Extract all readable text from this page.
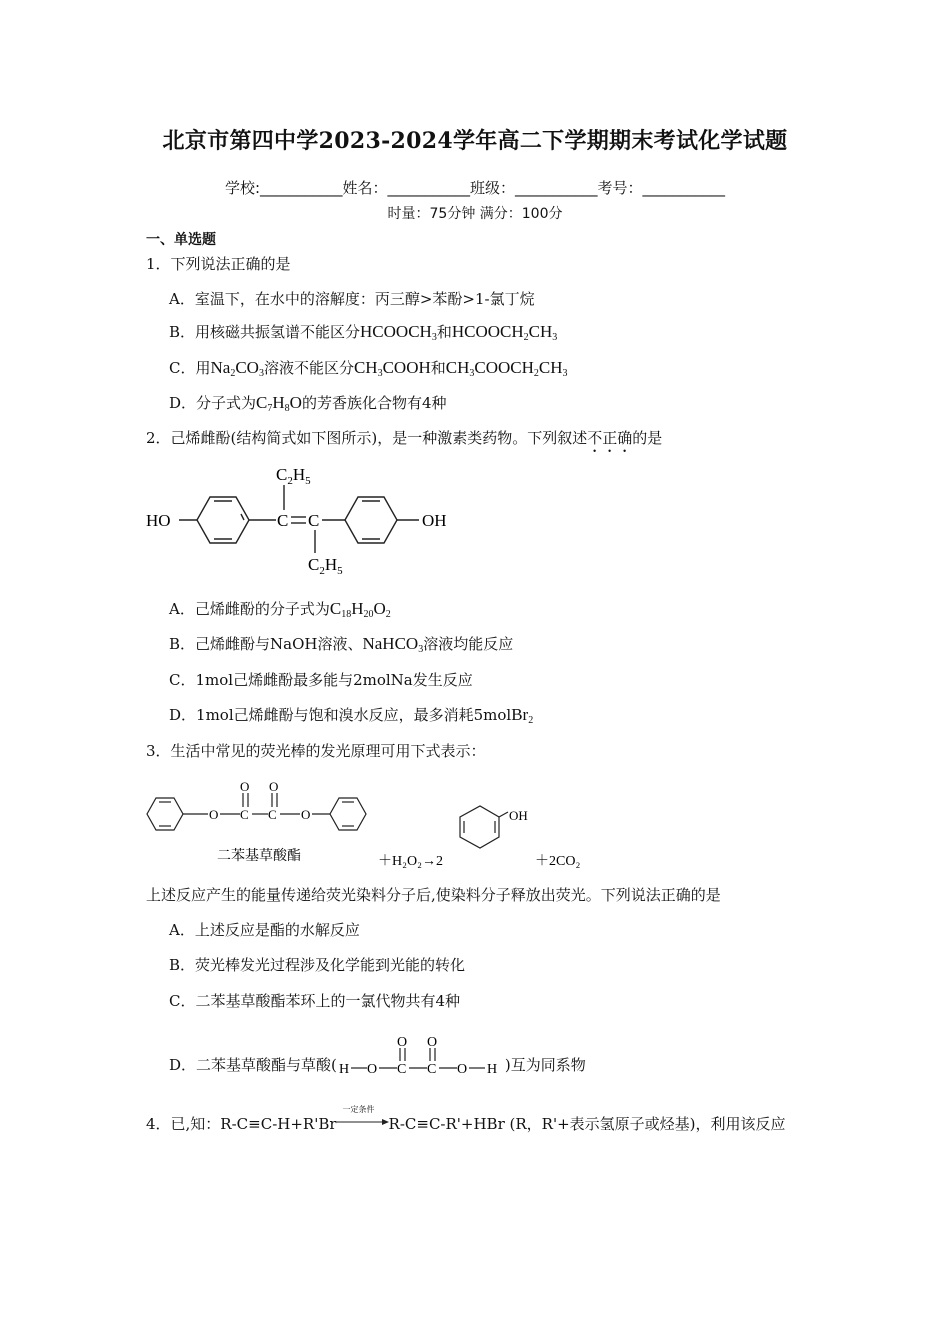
北京市第四中学2023-2024学年高二下学期期末考试化学试题
学校:___________姓名：___________班级：___________考号：___________
时量：75分钟 满分：100分
一、单选题
1．下列说法正确的是
A．室温下，在水中的溶解度：丙三醇>苯酚>1-氯丁烷
B．用核磁共振氢谱不能区分$HCOOCH_3$和$HCOOCH_2CH_3$
C．用$Na_2CO_3$溶液不能区分$CH_3COOH$和$CH_3COOCH_2CH_3$
D．分子式为$C_7H_8O$的芳香族化合物有4种
2．己烯雌酚(结构简式如下图所示)，是一种激素类药物。下列叙述不正确的是
HO	OH
C C
$C_2H_5$
$C_2H_5$
A．己烯雌酚的分子式为$C_{18}H_{20}O_2$
B．己烯雌酚与NaOH溶液、NaHCO$_3$溶液均能反应
C．1mol己烯雌酚最多能与2molNa发生反应
D．1mol己烯雌酚与饱和溴水反应，最多消耗5molBr$_2$
3．生活中常见的荧光棒的发光原理可用下式表示：
O C C O
O O
二苯基草酸酯	＋H₂O₂→2
OH
＋2CO₂
上述反应产生的能量传递给荧光染料分子后,使染料分子释放出荧光。下列说法正确的是
A．上述反应是酯的水解反应
B．荧光棒发光过程涉及化学能到光能的转化
C．二苯基草酸酯苯环上的一氯代物共有4种
D．二苯基草酸酯与草酸( H O C C O H
O O
)互为同系物
4．已,知：R-C≡C-H+R'Br
一定条件
R-C≡C-R'+HBr (R，R'+表示氢原子或烃基)，利用该反应
